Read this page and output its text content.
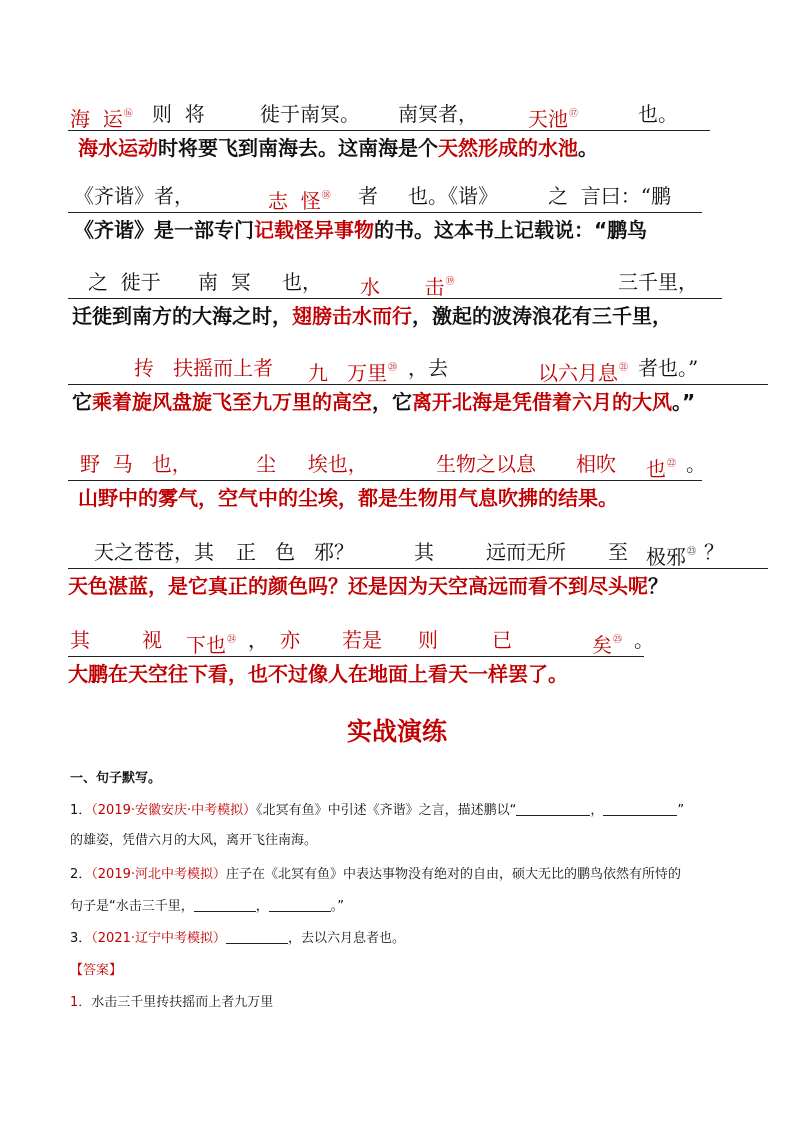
海  运⑯ 则  将	徙于南冥。 南冥者，	天池⑰	也。
海水运动时将要飞到南海去。这南海是个天然形成的水池。
《齐谐》者，	志  怪⑱ 者 也。《谐》	之  言曰：“鹏
《齐谐》是一部专门记载怪异事物的书。这本书上记载说：“鹏鸟
之  徙于 南  冥 也， 水       击⑲	三千里，
迁徙到南方的大海之时，翅膀击水而行，激起的波涛浪花有三千里，
抟   扶摇而上者 九   万里⑳ ，去	以六月息$^㉑$ 者也。”
它乘着旋风盘旋飞至九万里的高空，它离开北海是凭借着六月的大风。”
野  马   也，	尘     埃也，	生物之以息 相吹 也$^㉒$ 。
山野中的雾气，空气中的尘埃，都是生物用气息吹拂的结果。
天之苍苍，其 正   色 邪？	其	远而无所 至 极邪$^㉓$ ？
天色湛蓝，是它真正的颜色吗？还是因为天空高远而看不到尽头呢？
其	视 下也$^㉔$ ， 亦 若是 则	已	矣$^㉕$ 。
大鹏在天空往下看，也不过像人在地面上看天一样罢了。
实战演练
一、句子默写。
1．（2019·安徽安庆·中考模拟）《北冥有鱼》中引述《齐谐》之言，描述鹏以“	，	”
的雄姿，凭借六月的大风，离开飞往南海。
2．（2019·河北中考模拟）庄子在《北冥有鱼》中表达事物没有绝对的自由，硕大无比的鹏鸟依然有所恃的
句子是“水击三千里，	，	。”
3．（2021·辽宁中考模拟）	，去以六月息者也。
【答案】
1．水击三千里抟扶摇而上者九万里
